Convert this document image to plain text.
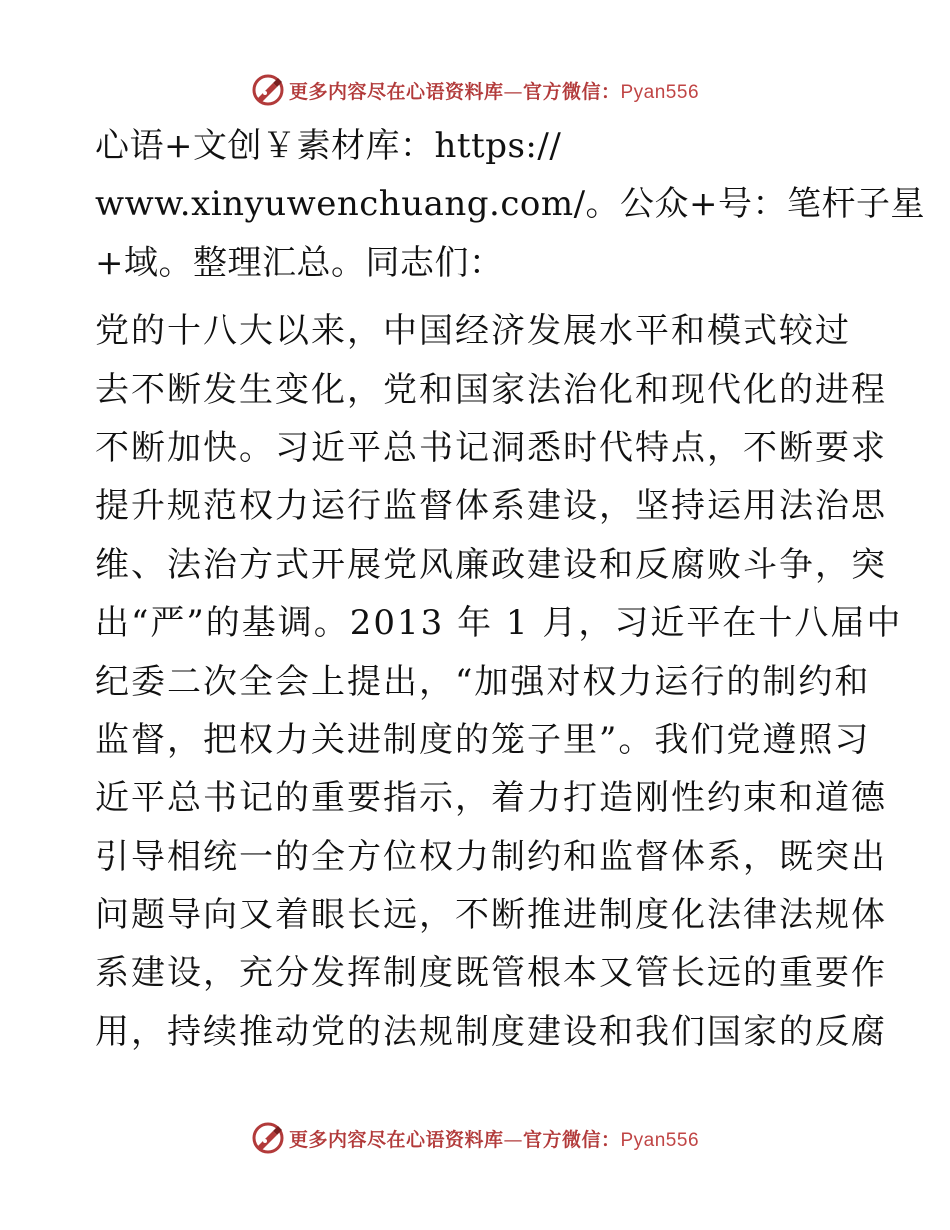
更多内容尽在心语资料库—官方微信：Pyan556
心语+文创￥素材库：https://
www.xinyuwenchuang.com/。公众+号：笔杆子星
+域。整理汇总。同志们：
党的十八大以来，中国经济发展水平和模式较过
去不断发生变化，党和国家法治化和现代化的进程
不断加快。习近平总书记洞悉时代特点，不断要求
提升规范权力运行监督体系建设，坚持运用法治思
维、法治方式开展党风廉政建设和反腐败斗争，突
出“严”的基调。2013 年 1 月，习近平在十八届中
纪委二次全会上提出，“加强对权力运行的制约和
监督，把权力关进制度的笼子里”。我们党遵照习
近平总书记的重要指示，着力打造刚性约束和道德
引导相统一的全方位权力制约和监督体系，既突出
问题导向又着眼长远，不断推进制度化法律法规体
系建设，充分发挥制度既管根本又管长远的重要作
用，持续推动党的法规制度建设和我们国家的反腐
更多内容尽在心语资料库—官方微信：Pyan556
